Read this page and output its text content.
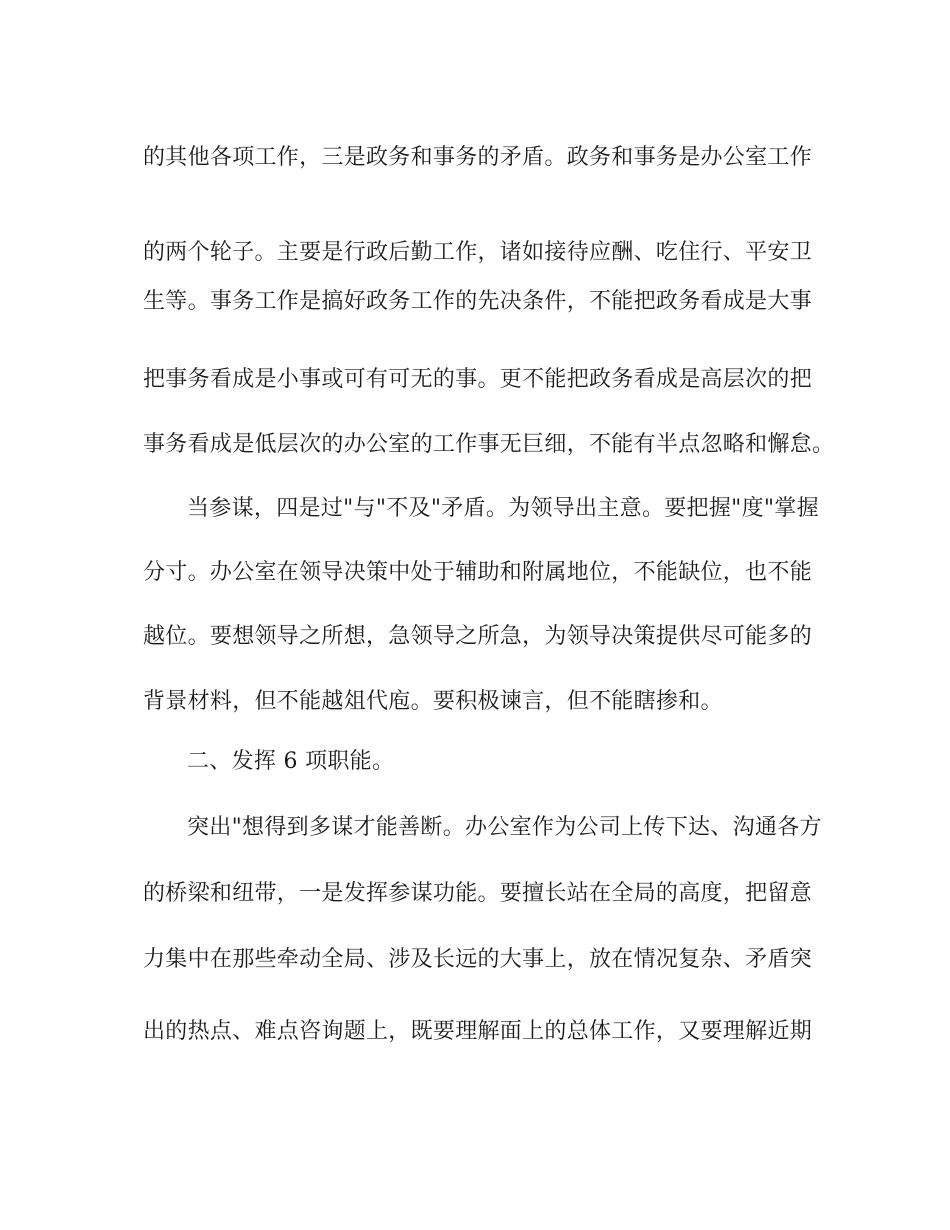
的其他各项工作，三是政务和事务的矛盾。政务和事务是办公室工作
的两个轮子。主要是行政后勤工作，诸如接待应酬、吃住行、平安卫
生等。事务工作是搞好政务工作的先决条件，不能把政务看成是大事
把事务看成是小事或可有可无的事。更不能把政务看成是高层次的把
事务看成是低层次的办公室的工作事无巨细，不能有半点忽略和懈怠。
当参谋，四是过"与"不及"矛盾。为领导出主意。要把握"度"掌握
分寸。办公室在领导决策中处于辅助和附属地位，不能缺位，也不能
越位。要想领导之所想，急领导之所急，为领导决策提供尽可能多的
背景材料，但不能越俎代庖。要积极谏言，但不能瞎掺和。
二、发挥 6 项职能。
突出"想得到多谋才能善断。办公室作为公司上传下达、沟通各方
的桥梁和纽带，一是发挥参谋功能。要擅长站在全局的高度，把留意
力集中在那些牵动全局、涉及长远的大事上，放在情况复杂、矛盾突
出的热点、难点咨询题上，既要理解面上的总体工作，又要理解近期
